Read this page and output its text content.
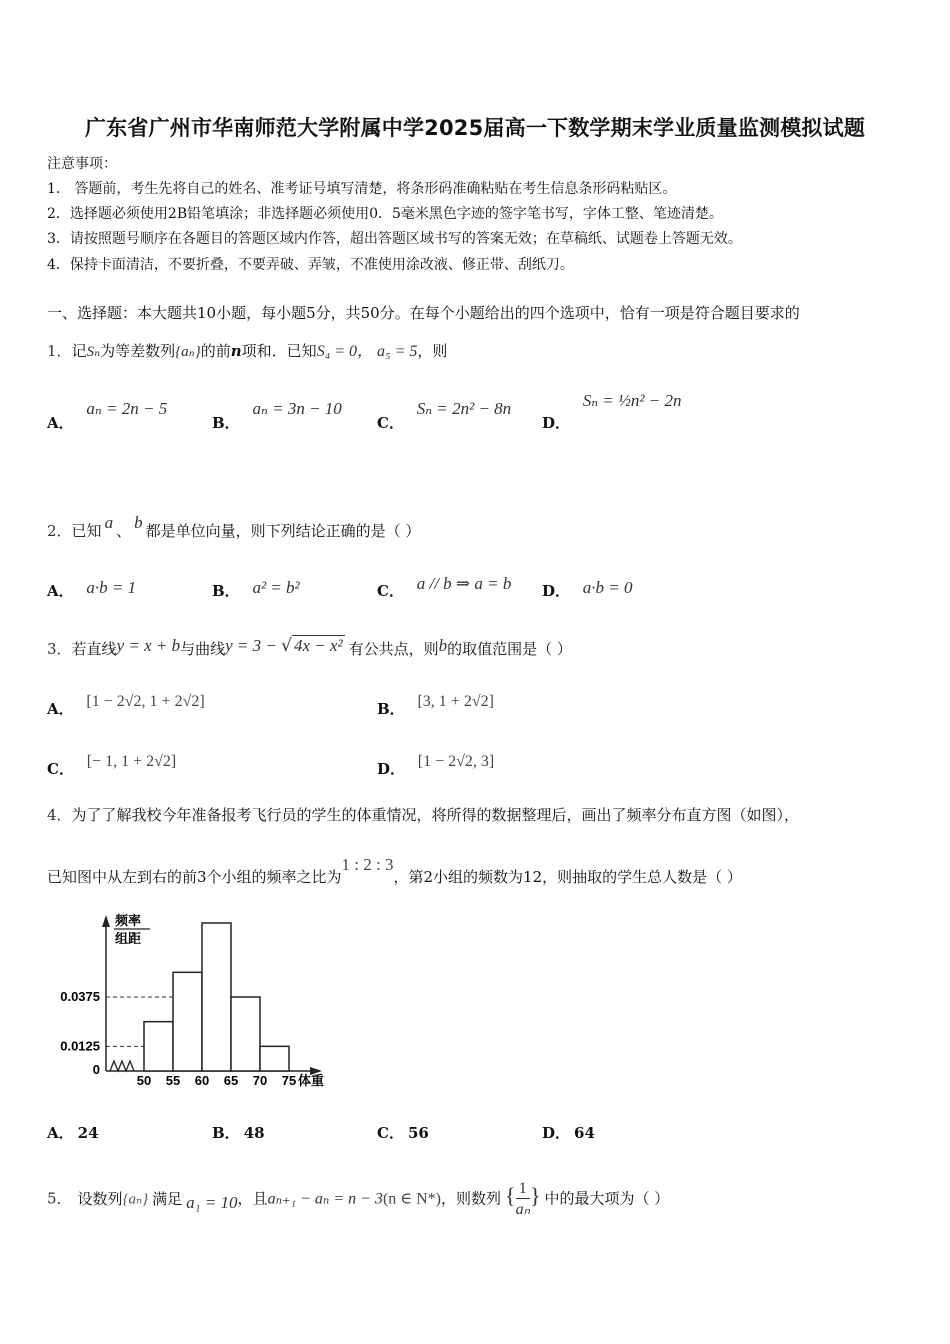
广东省广州市华南师范大学附属中学2025届高一下数学期末学业质量监测模拟试题
注意事项：
1． 答题前，考生先将自己的姓名、准考证号填写清楚，将条形码准确粘贴在考生信息条形码粘贴区。
2．选择题必须使用2B铅笔填涂；非选择题必须使用0．5毫米黑色字迹的签字笔书写，字体工整、笔迹清楚。
3．请按照题号顺序在各题目的答题区域内作答，超出答题区域书写的答案无效；在草稿纸、试题卷上答题无效。
4．保持卡面清洁，不要折叠，不要弄破、弄皱，不准使用涂改液、修正带、刮纸刀。
一、选择题：本大题共10小题，每小题5分，共50分。在每个小题给出的四个选项中，恰有一项是符合题目要求的
1．记Sₙ为等差数列{aₙ}的前n项和．已知S₄ = 0， a₅ = 5，则
A． aₙ = 2n − 5
B． aₙ = 3n − 10
C． Sₙ = 2n² − 8n
D． Sₙ = ½n² − 2n
2．已知 a 、 b 都是单位向量，则下列结论正确的是（ ）
A． a·b = 1	B． a² = b²	C． a // b ⇒ a = b D． a·b = 0
3．若直线y = x + b与曲线y = 3 − √ 4x − x² 有公共点，则b的取值范围是（ ）
A． [1 − 2√2, 1 + 2√2]	B． [3, 1 + 2√2]
C． [− 1, 1 + 2√2]	D． [1 − 2√2, 3]
4．为了了解我校今年准备报考飞行员的学生的体重情况，将所得的数据整理后，画出了频率分布直方图（如图），
已知图中从左到右的前3个小组的频率之比为1 : 2 : 3，第2小组的频数为12，则抽取的学生总人数是（ ）
频率
组距
0.0125
0.0375
0
50 55 60 65 70 75 体重
A． 24	B． 48	C． 56	D． 64
5． 设数列{aₙ} 满足 a₁ = 10，且aₙ₊₁ − aₙ = n − 3(n ∈ N*)，则数列 { $\frac{1}{\text{aₙ}}$ } 中的最大项为（ ）
